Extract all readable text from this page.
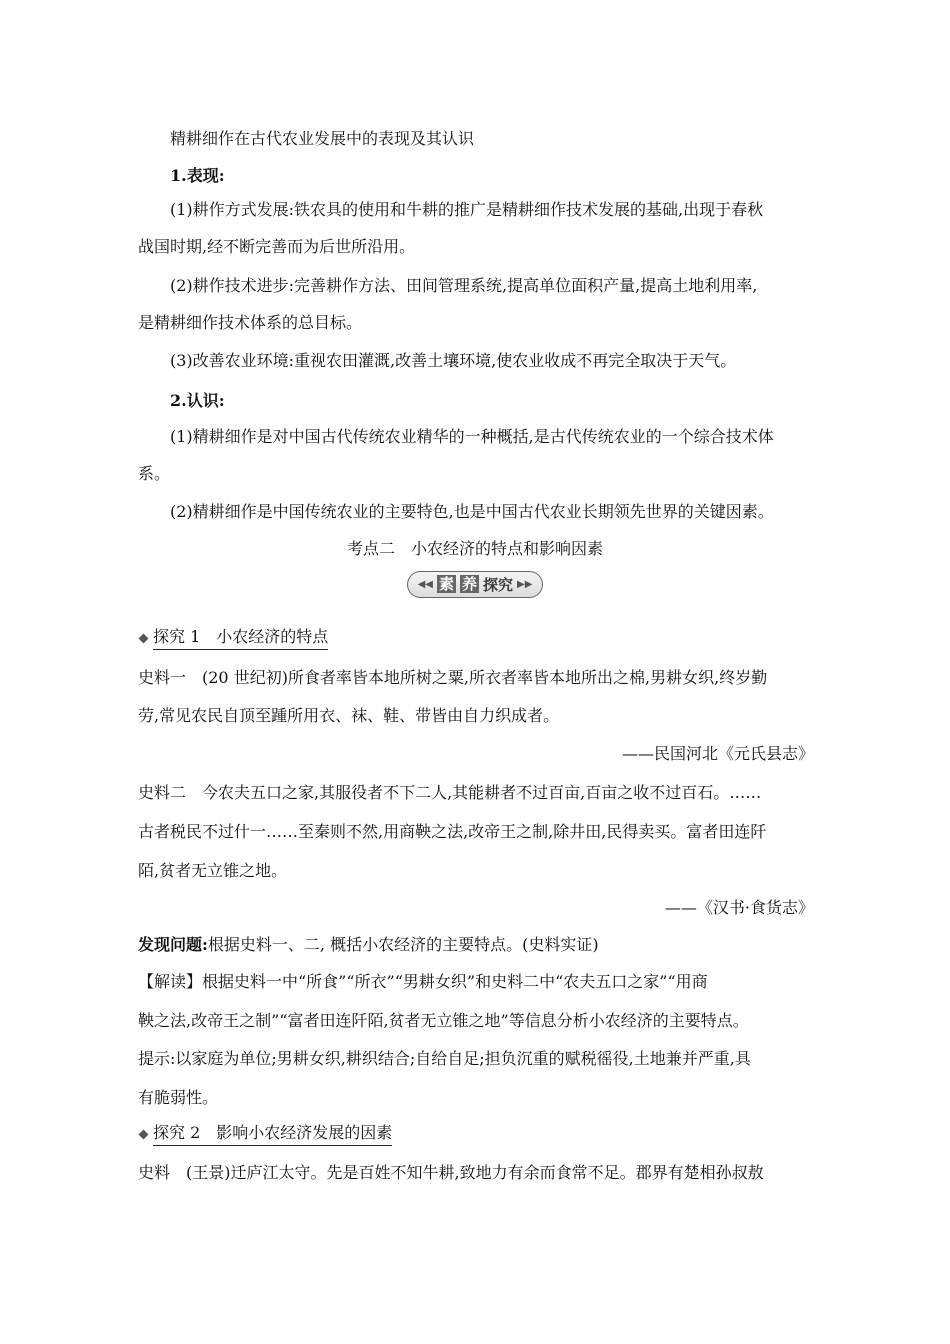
精耕细作在古代农业发展中的表现及其认识
1.表现:
(1)耕作方式发展:铁农具的使用和牛耕的推广是精耕细作技术发展的基础,出现于春秋
战国时期,经不断完善而为后世所沿用。
(2)耕作技术进步:完善耕作方法、田间管理系统,提高单位面积产量,提高土地利用率,
是精耕细作技术体系的总目标。
(3)改善农业环境:重视农田灌溉,改善土壤环境,使农业收成不再完全取决于天气。
2.认识:
(1)精耕细作是对中国古代传统农业精华的一种概括,是古代传统农业的一个综合技术体
系。
(2)精耕细作是中国传统农业的主要特色,也是中国古代农业长期领先世界的关键因素。
考点二　小农经济的特点和影响因素
◀◀ 素 养 探究 ▶▶
探究 1　小农经济的特点
史料一　(20 世纪初)所食者率皆本地所树之粟,所衣者率皆本地所出之棉,男耕女织,终岁勤
劳,常见农民自顶至踵所用衣、袜、鞋、带皆由自力织成者。
——民国河北《元氏县志》
史料二　今农夫五口之家,其服役者不下二人,其能耕者不过百亩,百亩之收不过百石。……
古者税民不过什一……至秦则不然,用商鞅之法,改帝王之制,除井田,民得卖买。富者田连阡
陌,贫者无立锥之地。
——《汉书·食货志》
发现问题:根据史料一、二, 概括小农经济的主要特点。(史料实证)
【解读】根据史料一中“所食”“所衣”“男耕女织”和史料二中“农夫五口之家”“用商
鞅之法,改帝王之制”“富者田连阡陌,贫者无立锥之地”等信息分析小农经济的主要特点。
提示:以家庭为单位;男耕女织,耕织结合;自给自足;担负沉重的赋税徭役,土地兼并严重,具
有脆弱性。
探究 2　影响小农经济发展的因素
史料　(王景)迁庐江太守。先是百姓不知牛耕,致地力有余而食常不足。郡界有楚相孙叔敖
